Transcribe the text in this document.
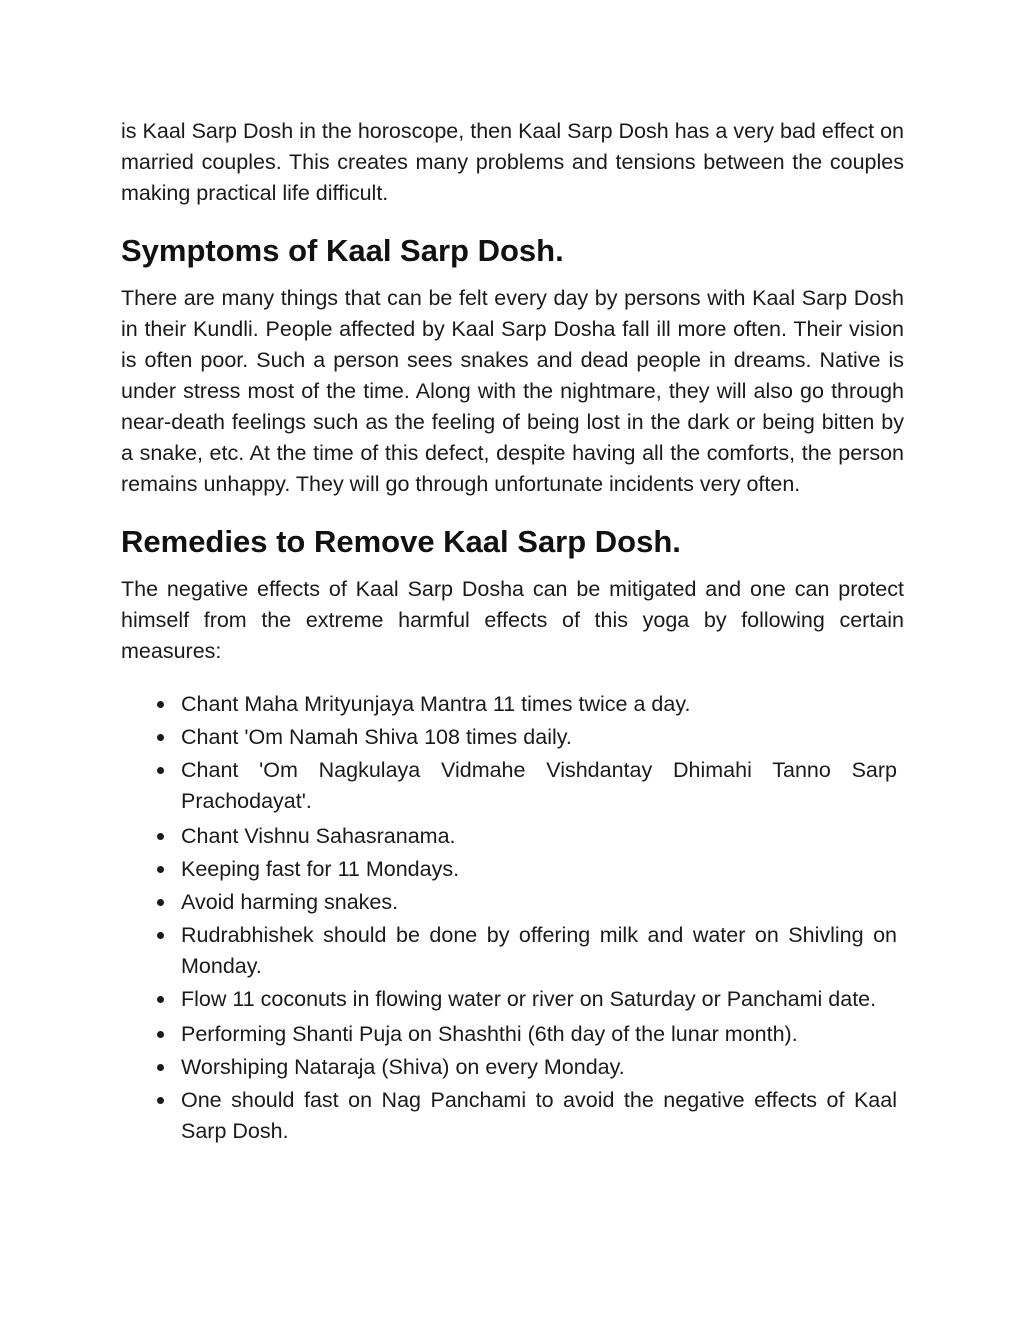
is Kaal Sarp Dosh in the horoscope, then Kaal Sarp Dosh has a very bad effect on married couples. This creates many problems and tensions between the couples making practical life difficult.

Symptoms of Kaal Sarp Dosh.

There are many things that can be felt every day by persons with Kaal Sarp Dosh in their Kundli. People affected by Kaal Sarp Dosha fall ill more often. Their vision is often poor. Such a person sees snakes and dead people in dreams. Native is under stress most of the time. Along with the nightmare, they will also go through near-death feelings such as the feeling of being lost in the dark or being bitten by a snake, etc. At the time of this defect, despite having all the comforts, the person remains unhappy. They will go through unfortunate incidents very often.

Remedies to Remove Kaal Sarp Dosh.

The negative effects of Kaal Sarp Dosha can be mitigated and one can protect himself from the extreme harmful effects of this yoga by following certain measures:

Chant Maha Mrityunjaya Mantra 11 times twice a day.
Chant 'Om Namah Shiva 108 times daily.
Chant 'Om Nagkulaya Vidmahe Vishdantay Dhimahi Tanno Sarp Prachodayat'.
Chant Vishnu Sahasranama.
Keeping fast for 11 Mondays.
Avoid harming snakes.
Rudrabhishek should be done by offering milk and water on Shivling on Monday.
Flow 11 coconuts in flowing water or river on Saturday or Panchami date.
Performing Shanti Puja on Shashthi (6th day of the lunar month).
Worshiping Nataraja (Shiva) on every Monday.
One should fast on Nag Panchami to avoid the negative effects of Kaal Sarp Dosh.
